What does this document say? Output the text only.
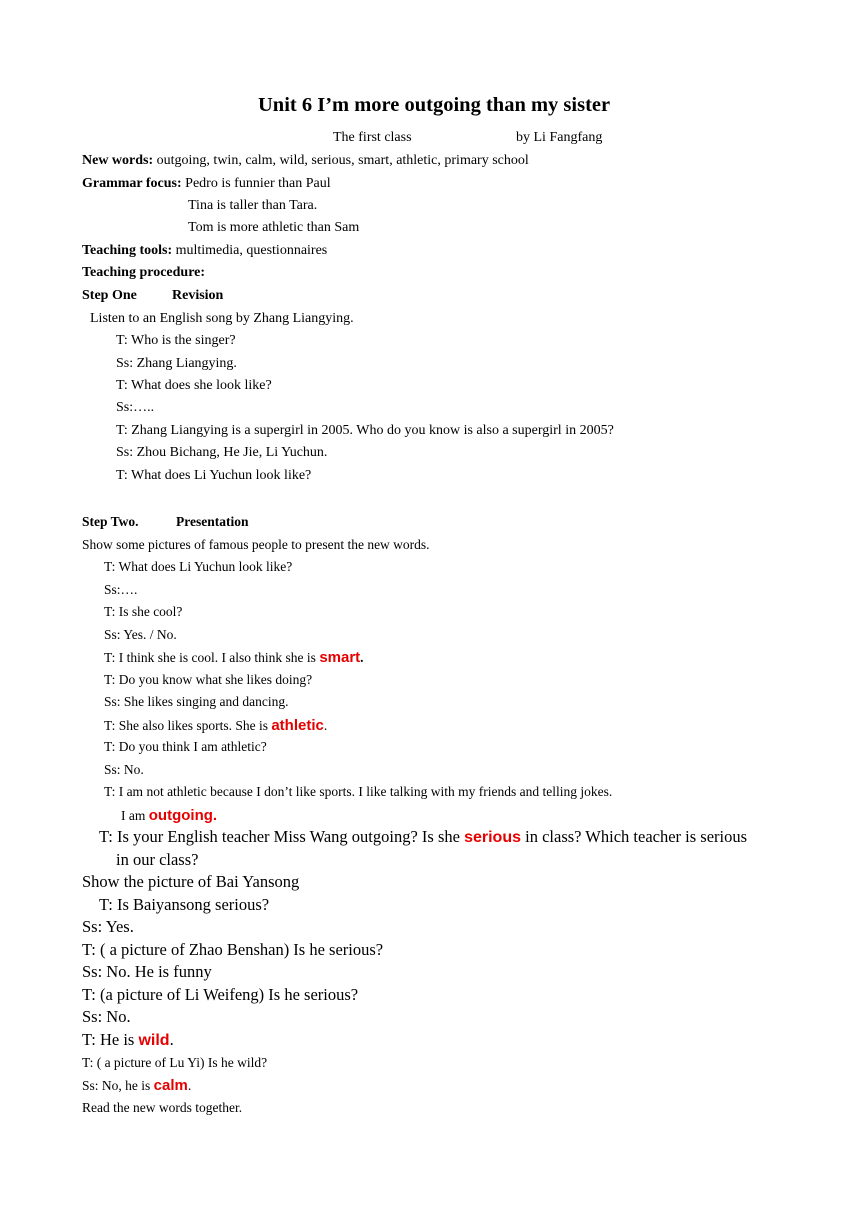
Unit 6 I’m more outgoing than my sister
The first class	by Li Fangfang
New words: outgoing, twin, calm, wild, serious, smart, athletic, primary school
Grammar focus: Pedro is funnier than Paul
Tina is taller than Tara.
Tom is more athletic than Sam
Teaching tools: multimedia, questionnaires
Teaching procedure:
Step One	Revision
Listen to an English song by Zhang Liangying.
T: Who is the singer?
Ss: Zhang Liangying.
T: What does she look like?
Ss:…..
T: Zhang Liangying is a supergirl in 2005. Who do you know is also a supergirl in 2005?
Ss: Zhou Bichang, He Jie, Li Yuchun.
T: What does Li Yuchun look like?
Step Two.	Presentation
Show some pictures of famous people to present the new words.
T: What does Li Yuchun look like?
Ss:….
T: Is she cool?
Ss: Yes. / No.
T: I think she is cool. I also think she is smart.
T: Do you know what she likes doing?
Ss: She likes singing and dancing.
T: She also likes sports. She is athletic.
T: Do you think I am athletic?
Ss: No.
T: I am not athletic because I don’t like sports. I like talking with my friends and telling jokes.
I am outgoing.
T: Is your English teacher Miss Wang outgoing? Is she serious in class? Which teacher is serious
in our class?
Show the picture of Bai Yansong
T: Is Baiyansong serious?
Ss: Yes.
T: ( a picture of Zhao Benshan) Is he serious?
Ss: No. He is funny
T: (a picture of Li Weifeng) Is he serious?
Ss: No.
T: He is wild.
T: ( a picture of Lu Yi) Is he wild?
Ss: No, he is calm.
Read the new words together.
